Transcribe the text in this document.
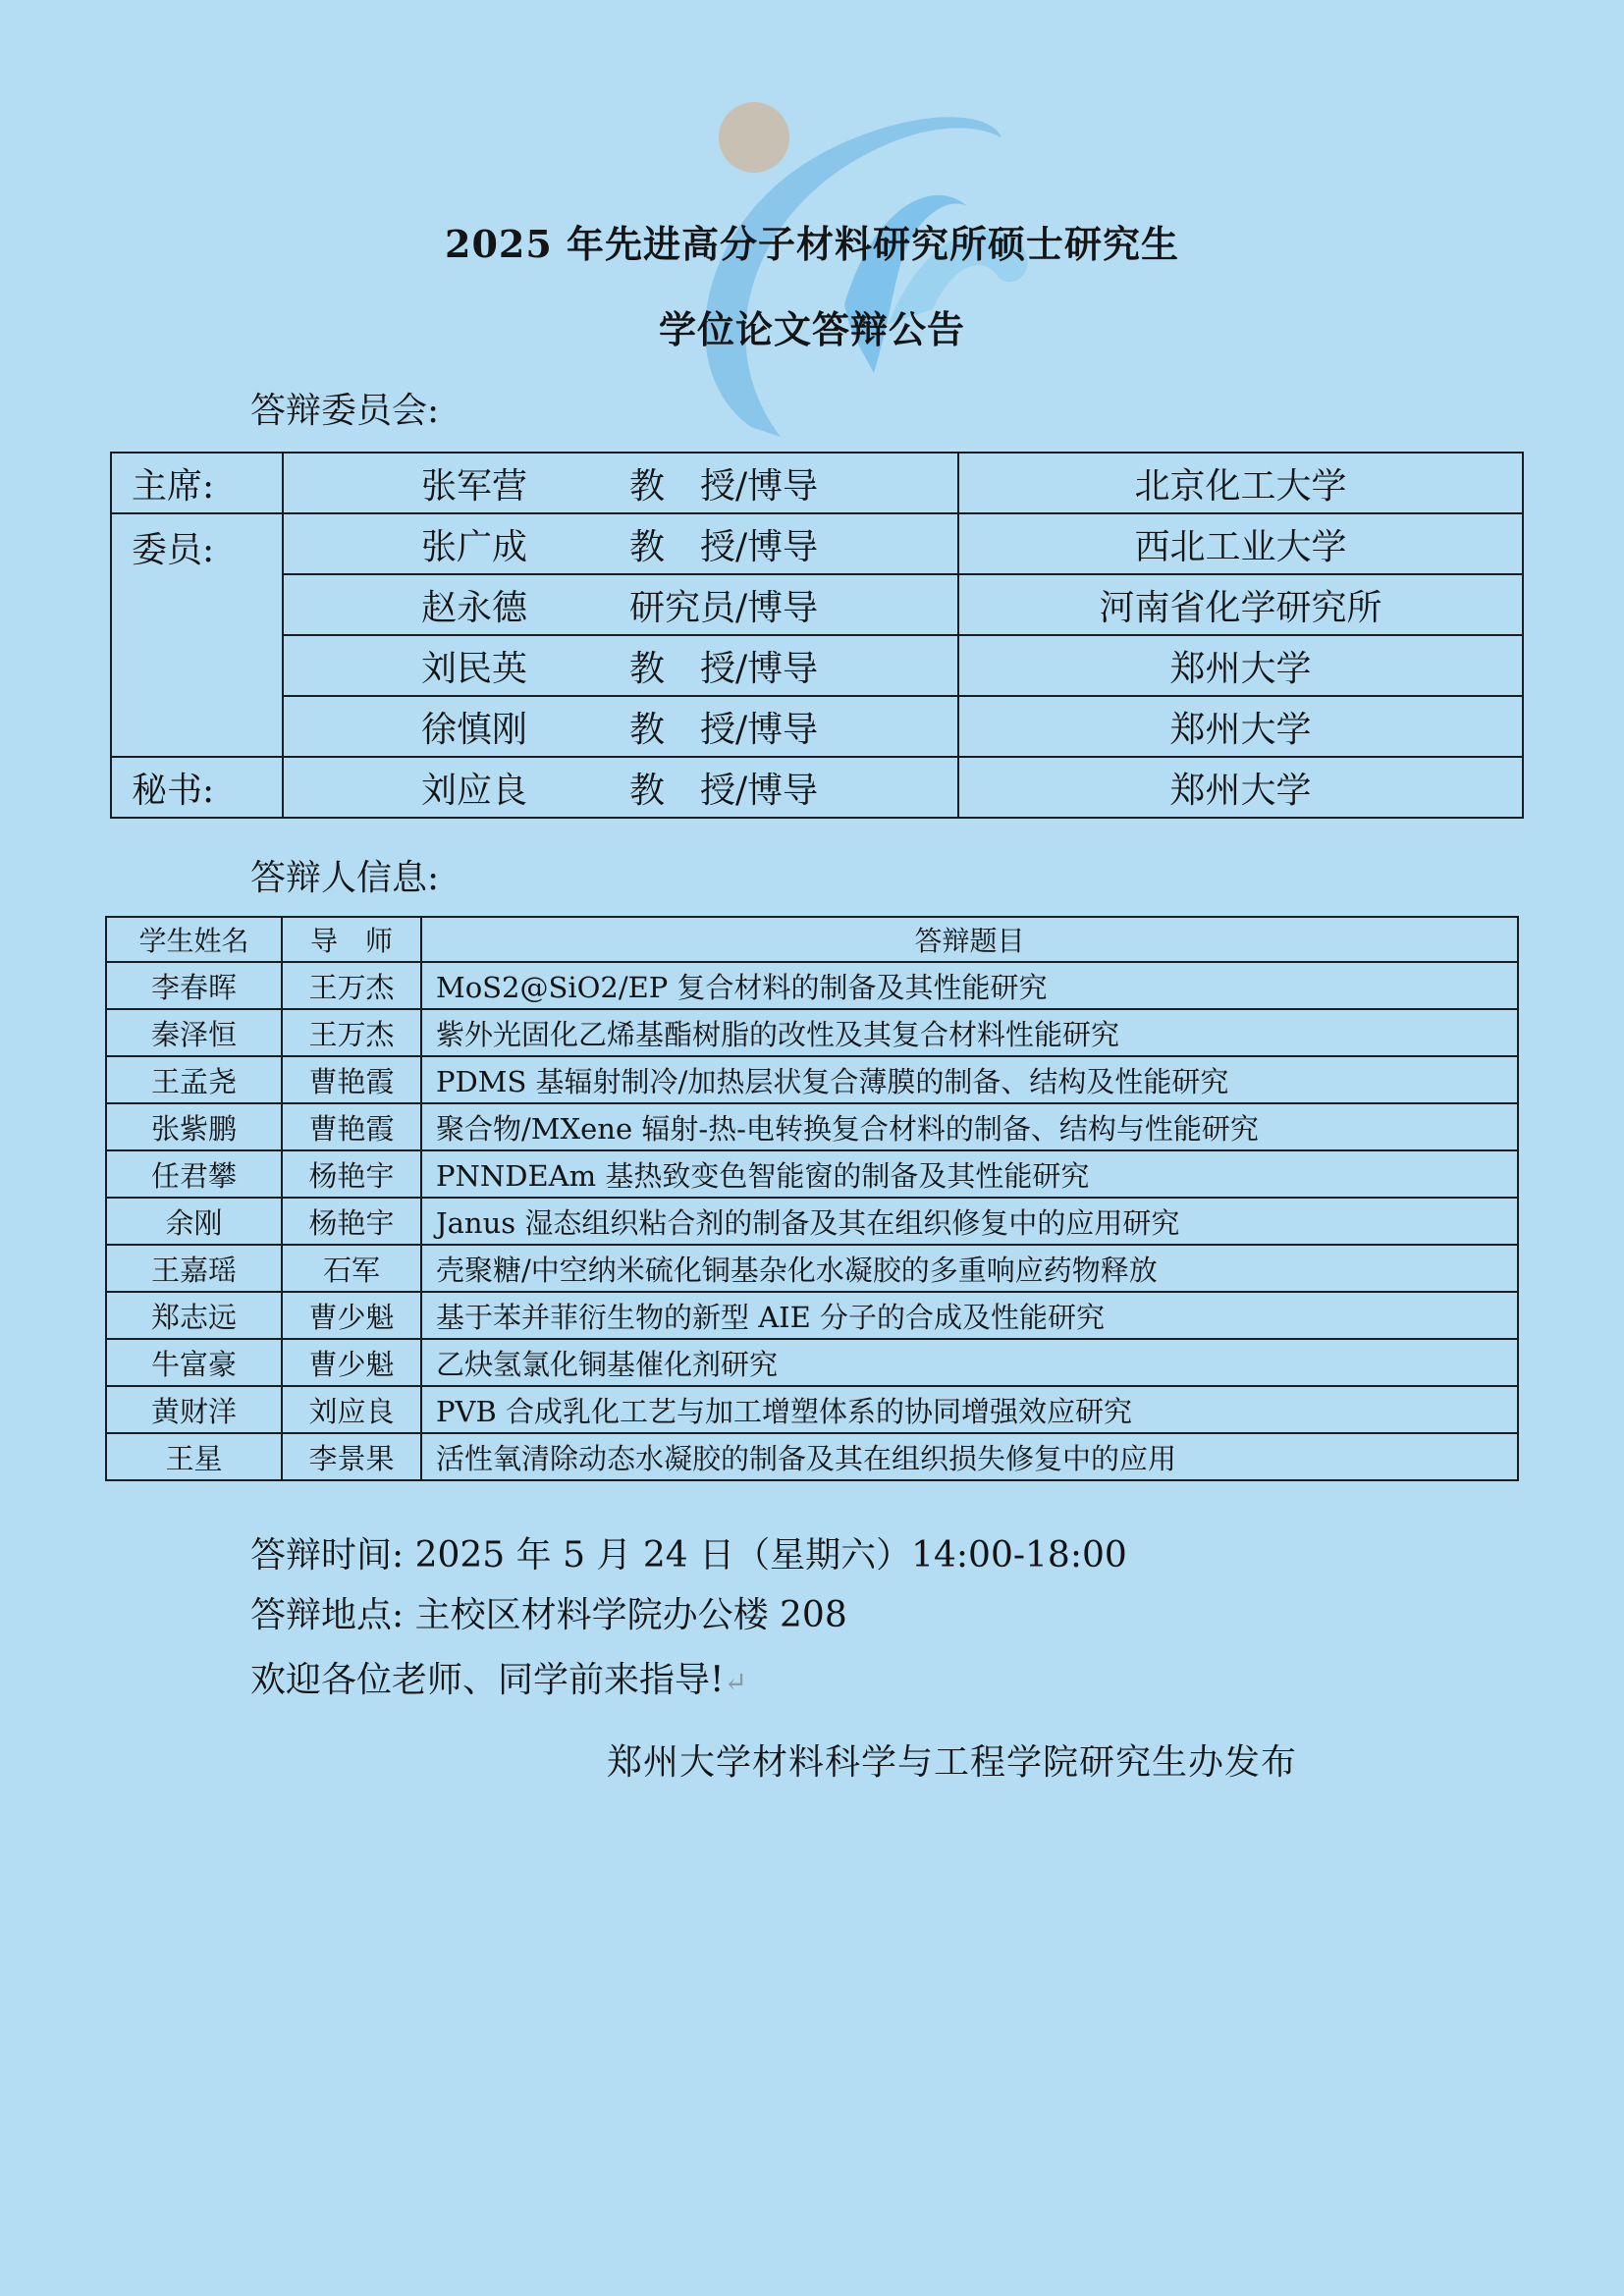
2025 年先进高分子材料研究所硕士研究生
学位论文答辩公告
答辩委员会:
主席:	张军营 教　授/博导	北京化工大学
委员:	张广成 教　授/博导	西北工业大学
	赵永德 研究员/博导	河南省化学研究所
	刘民英 教　授/博导	郑州大学
	徐慎刚 教　授/博导	郑州大学
秘书:	刘应良 教　授/博导	郑州大学
答辩人信息:
学生姓名	导　师	答辩题目
李春晖	王万杰	MoS2@SiO2/EP 复合材料的制备及其性能研究
秦泽恒	王万杰	紫外光固化乙烯基酯树脂的改性及其复合材料性能研究
王孟尧	曹艳霞	PDMS 基辐射制冷/加热层状复合薄膜的制备、结构及性能研究
张紫鹏	曹艳霞	聚合物/MXene 辐射-热-电转换复合材料的制备、结构与性能研究
任君攀	杨艳宇	PNNDEAm 基热致变色智能窗的制备及其性能研究
余刚	杨艳宇	Janus 湿态组织粘合剂的制备及其在组织修复中的应用研究
王嘉瑶	石军	壳聚糖/中空纳米硫化铜基杂化水凝胶的多重响应药物释放
郑志远	曹少魁	基于苯并菲衍生物的新型 AIE 分子的合成及性能研究
牛富豪	曹少魁	乙炔氢氯化铜基催化剂研究
黄财洋	刘应良	PVB 合成乳化工艺与加工增塑体系的协同增强效应研究
王星	李景果	活性氧清除动态水凝胶的制备及其在组织损失修复中的应用
答辩时间: 2025 年 5 月 24 日（星期六）14:00-18:00
答辩地点: 主校区材料学院办公楼 208
欢迎各位老师、同学前来指导!↵
郑州大学材料科学与工程学院研究生办发布
